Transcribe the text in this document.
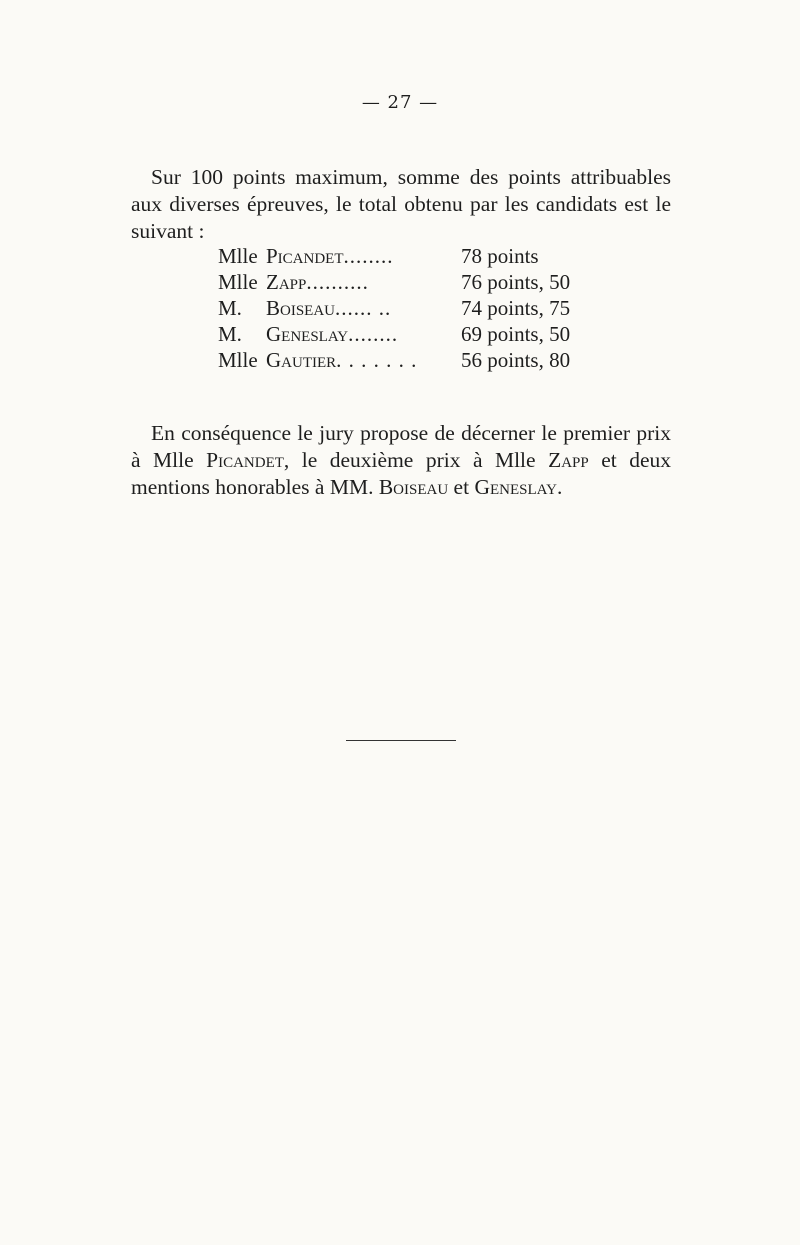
— 27 —

Sur 100 points maximum, somme des points attribuables aux diverses épreuves, le total obtenu par les candidats est le suivant :

Mlle Picandet........	78 points
Mlle Zapp..........	76 points, 50
M. Boiseau...... ..	74 points, 75
M. Geneslay........	69 points, 50
Mlle Gautier. . . . . . .	56 points, 80

En conséquence le jury propose de décerner le premier prix à Mlle Picandet, le deuxième prix à Mlle Zapp et deux mentions honorables à MM. Boiseau et Geneslay.
